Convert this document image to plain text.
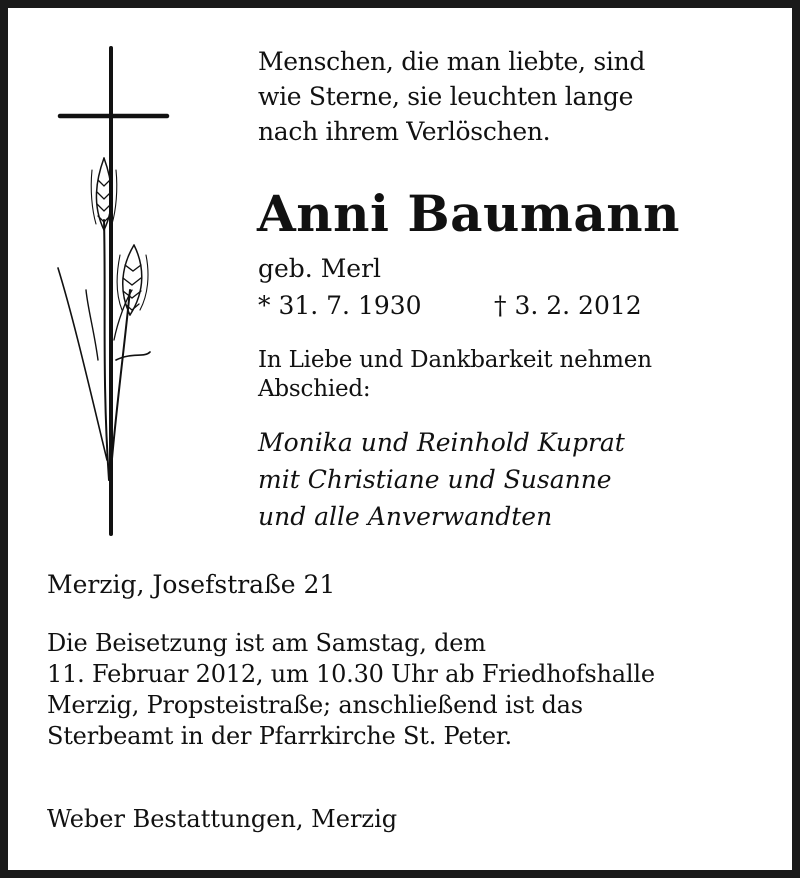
Menschen, die man liebte, sind
wie Sterne, sie leuchten lange
nach ihrem Verlöschen.

Anni Baumann
geb. Merl
* 31. 7. 1930	† 3. 2. 2012
In Liebe und Dankbarkeit nehmen
Abschied:
Monika und Reinhold Kuprat
mit Christiane und Susanne
und alle Anverwandten
Merzig, Josefstraße 21
Die Beisetzung ist am Samstag, dem
11. Februar 2012, um 10.30 Uhr ab Friedhofshalle
Merzig, Propsteistraße; anschließend ist das
Sterbeamt in der Pfarrkirche St. Peter.
Weber Bestattungen, Merzig
